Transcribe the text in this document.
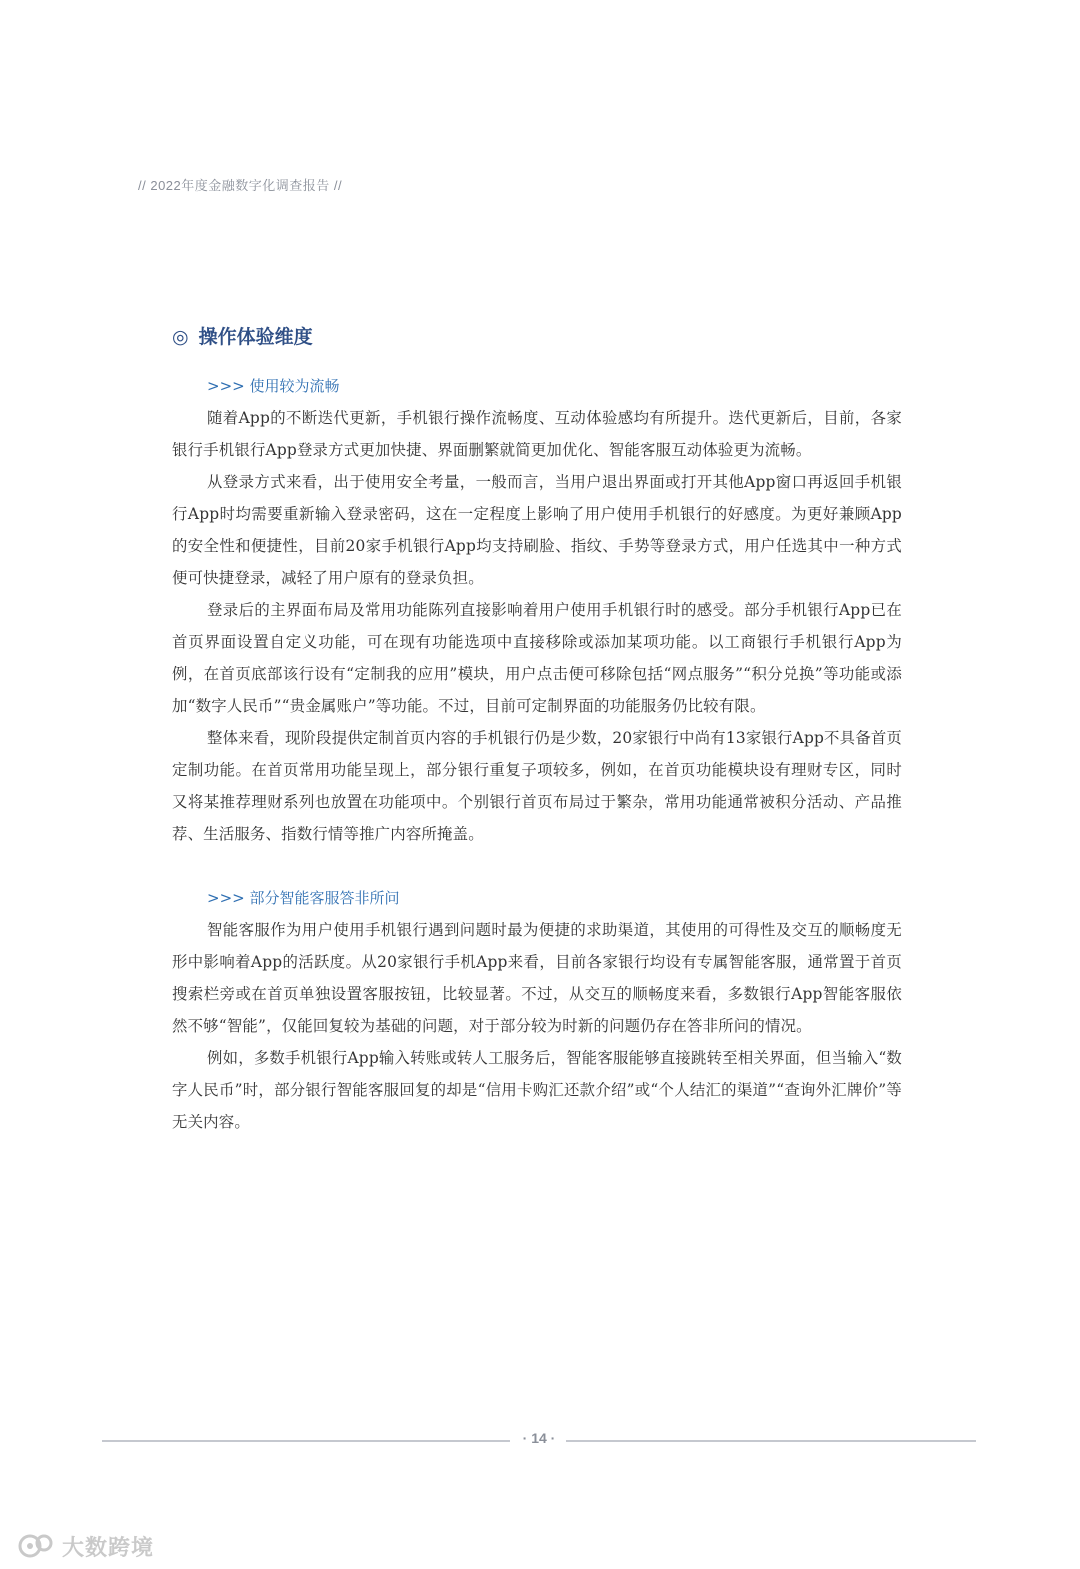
// 2022年度金融数字化调查报告 //
◎ 操作体验维度
>>> 使用较为流畅

随着App的不断迭代更新，手机银行操作流畅度、互动体验感均有所提升。迭代更新后，目前，各家银行手机银行App登录方式更加快捷、界面删繁就简更加优化、智能客服互动体验更为流畅。

从登录方式来看，出于使用安全考量，一般而言，当用户退出界面或打开其他App窗口再返回手机银行App时均需要重新输入登录密码，这在一定程度上影响了用户使用手机银行的好感度。为更好兼顾App的安全性和便捷性，目前20家手机银行App均支持刷脸、指纹、手势等登录方式，用户任选其中一种方式便可快捷登录，减轻了用户原有的登录负担。

登录后的主界面布局及常用功能陈列直接影响着用户使用手机银行时的感受。部分手机银行App已在首页界面设置自定义功能，可在现有功能选项中直接移除或添加某项功能。以工商银行手机银行App为例，在首页底部该行设有“定制我的应用”模块，用户点击便可移除包括“网点服务”“积分兑换”等功能或添加“数字人民币”“贵金属账户”等功能。不过，目前可定制界面的功能服务仍比较有限。

整体来看，现阶段提供定制首页内容的手机银行仍是少数，20家银行中尚有13家银行App不具备首页定制功能。在首页常用功能呈现上，部分银行重复子项较多，例如，在首页功能模块设有理财专区，同时又将某推荐理财系列也放置在功能项中。个别银行首页布局过于繁杂，常用功能通常被积分活动、产品推荐、生活服务、指数行情等推广内容所掩盖。

>>> 部分智能客服答非所问

智能客服作为用户使用手机银行遇到问题时最为便捷的求助渠道，其使用的可得性及交互的顺畅度无形中影响着App的活跃度。从20家银行手机App来看，目前各家银行均设有专属智能客服，通常置于首页搜索栏旁或在首页单独设置客服按钮，比较显著。不过，从交互的顺畅度来看，多数银行App智能客服依然不够“智能”，仅能回复较为基础的问题，对于部分较为时新的问题仍存在答非所问的情况。

例如，多数手机银行App输入转账或转人工服务后，智能客服能够直接跳转至相关界面，但当输入“数字人民币”时，部分银行智能客服回复的却是“信用卡购汇还款介绍”或“个人结汇的渠道”“查询外汇牌价”等无关内容。

· 14 ·
大数跨境
